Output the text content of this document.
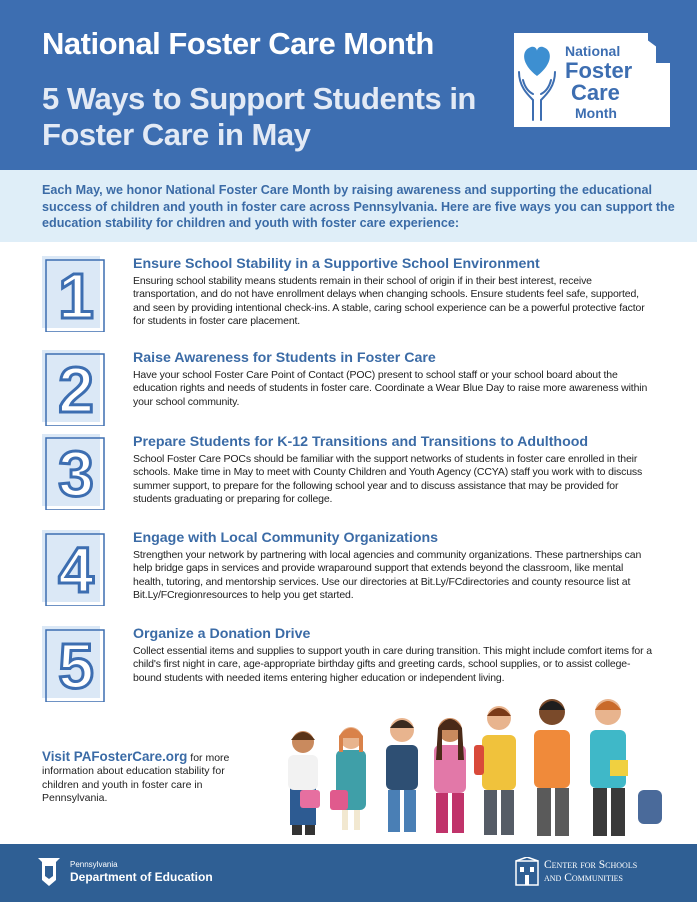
National Foster Care Month
5 Ways to Support Students in Foster Care in May
National
Foster
Care
Month

Each May, we honor National Foster Care Month by raising awareness and supporting the educational success of children and youth in foster care across Pennsylvania. Here are five ways you can support the education stability for children and youth with foster care experience:

1	Ensure School Stability in a Supportive School Environment
Ensuring school stability means students remain in their school of origin if in their best interest, receive transportation, and do not have enrollment delays when changing schools. Ensure students feel safe, supported, and seen by providing intentional check-ins. A stable, caring school experience can be a powerful protective factor for students in foster care placement.
2	Raise Awareness for Students in Foster Care
Have your school Foster Care Point of Contact (POC) present to school staff or your school board about the education rights and needs of students in foster care. Coordinate a Wear Blue Day to raise more awareness within your school community.
3	Prepare Students for K-12 Transitions and Transitions to Adulthood
School Foster Care POCs should be familiar with the support networks of students in foster care enrolled in their schools. Make time in May to meet with County Children and Youth Agency (CCYA) staff you work with to discuss summer support, to prepare for the following school year and to discuss assistance that may be provided for students graduating or preparing for college.
4	Engage with Local Community Organizations
Strengthen your network by partnering with local agencies and community organizations. These partnerships can help bridge gaps in services and provide wraparound support that extends beyond the classroom, like mental health, tutoring, and mentorship services. Use our directories at Bit.Ly/FCdirectories and county resource list at Bit.Ly/FCregionresources to help you get started.
5	Organize a Donation Drive
Collect essential items and supplies to support youth in care during transition. This might include comfort items for a child's first night in care, age-appropriate birthday gifts and greeting cards, school supplies, or to assist college-bound students with needed items entering higher education or independent living.
Visit PAFosterCare.org for more information about education stability for children and youth in foster care in Pennsylvania.
Pennsylvania
Department of Education
Center for Schools
and Communities
